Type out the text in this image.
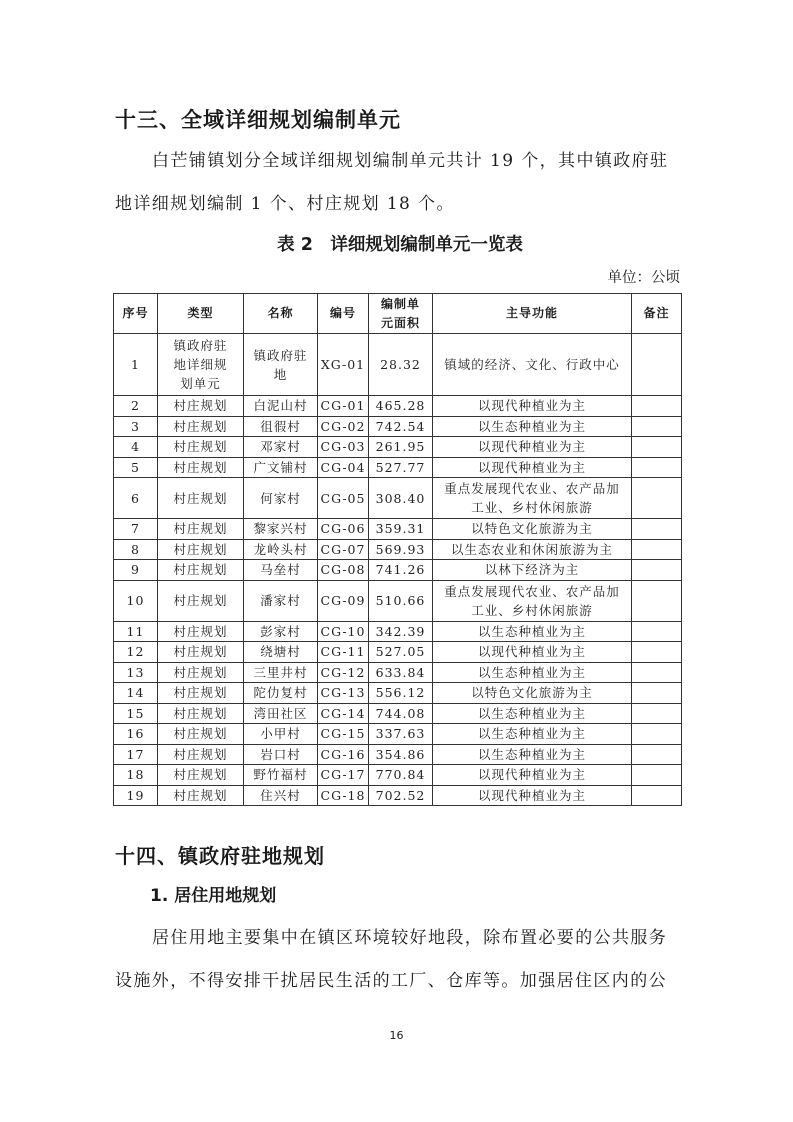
十三、全域详细规划编制单元

白芒铺镇划分全域详细规划编制单元共计 19 个，其中镇政府驻地详细规划编制 1 个、村庄规划 18 个。

表 2　详细规划编制单元一览表
单位：公顷
序号	类型	名称	编号	编制单元面积	主导功能	备注
1	镇政府驻地详细规划单元	镇政府驻地	XG-01	28.32	镇域的经济、文化、行政中心	
2	村庄规划	白泥山村	CG-01	465.28	以现代种植业为主	
3	村庄规划	徂徦村	CG-02	742.54	以生态种植业为主	
4	村庄规划	邓家村	CG-03	261.95	以现代种植业为主	
5	村庄规划	广文铺村	CG-04	527.77	以现代种植业为主	
6	村庄规划	何家村	CG-05	308.40	重点发展现代农业、农产品加工业、乡村休闲旅游	
7	村庄规划	黎家兴村	CG-06	359.31	以特色文化旅游为主	
8	村庄规划	龙岭头村	CG-07	569.93	以生态农业和休闲旅游为主	
9	村庄规划	马垒村	CG-08	741.26	以林下经济为主	
10	村庄规划	潘家村	CG-09	510.66	重点发展现代农业、农产品加工业、乡村休闲旅游	
11	村庄规划	彭家村	CG-10	342.39	以生态种植业为主	
12	村庄规划	绕塘村	CG-11	527.05	以现代种植业为主	
13	村庄规划	三里井村	CG-12	633.84	以生态种植业为主	
14	村庄规划	陀仂复村	CG-13	556.12	以特色文化旅游为主	
15	村庄规划	湾田社区	CG-14	744.08	以生态种植业为主	
16	村庄规划	小甲村	CG-15	337.63	以生态种植业为主	
17	村庄规划	岩口村	CG-16	354.86	以生态种植业为主	
18	村庄规划	野竹福村	CG-17	770.84	以现代种植业为主	
19	村庄规划	住兴村	CG-18	702.52	以现代种植业为主	
十四、镇政府驻地规划
1. 居住用地规划

居住用地主要集中在镇区环境较好地段，除布置必要的公共服务设施外，不得安排干扰居民生活的工厂、仓库等。加强居住区内的公

16
